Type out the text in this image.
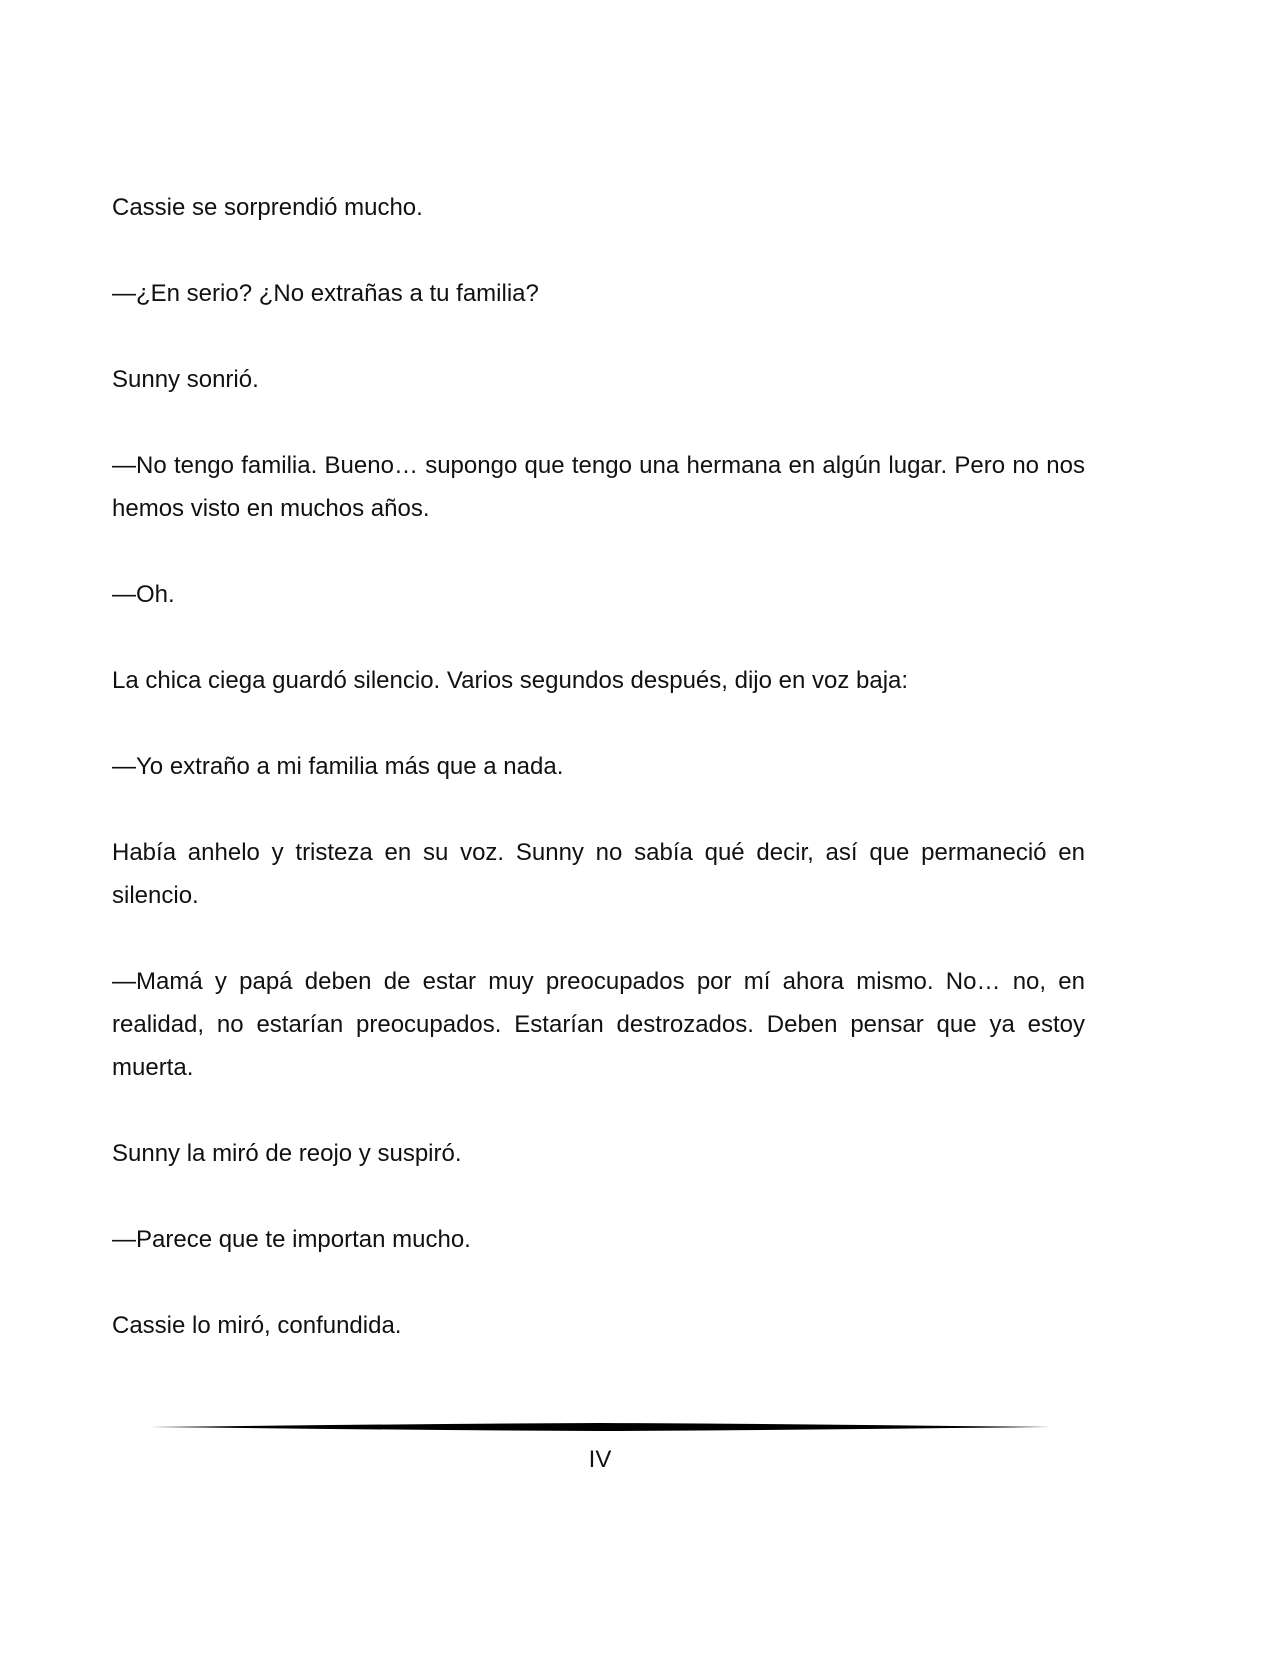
Cassie se sorprendió mucho.

—¿En serio? ¿No extrañas a tu familia?

Sunny sonrió.

—No tengo familia. Bueno… supongo que tengo una hermana en algún lugar. Pero no nos hemos visto en muchos años.

—Oh.

La chica ciega guardó silencio. Varios segundos después, dijo en voz baja:

—Yo extraño a mi familia más que a nada.

Había anhelo y tristeza en su voz. Sunny no sabía qué decir, así que permaneció en silencio.

—Mamá y papá deben de estar muy preocupados por mí ahora mismo. No… no, en realidad, no estarían preocupados. Estarían destrozados. Deben pensar que ya estoy muerta.

Sunny la miró de reojo y suspiró.

—Parece que te importan mucho.

Cassie lo miró, confundida.

IV
